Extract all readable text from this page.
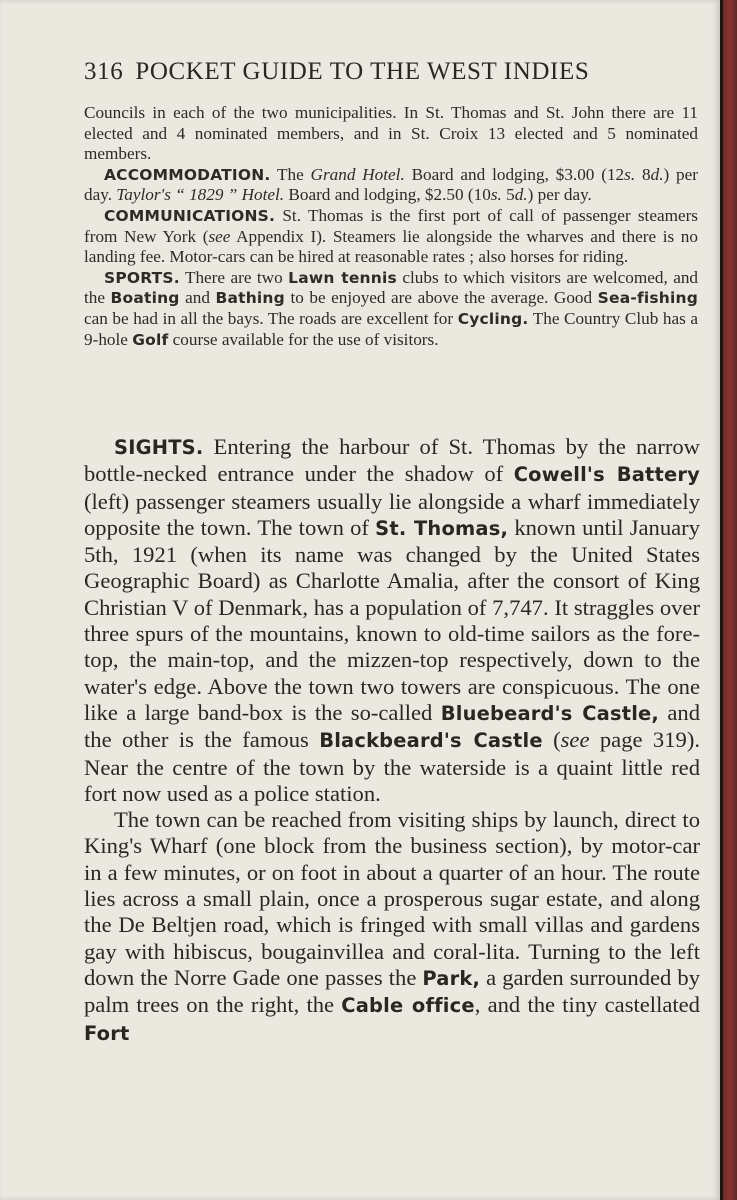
316 POCKET GUIDE TO THE WEST INDIES

Councils in each of the two municipalities. In St. Thomas and St. John there are 11 elected and 4 nominated members, and in St. Croix 13 elected and 5 nominated members.

ACCOMMODATION. The Grand Hotel. Board and lodging, $3.00 (12s. 8d.) per day. Taylor's “ 1829 ” Hotel. Board and lodging, $2.50 (10s. 5d.) per day.

COMMUNICATIONS. St. Thomas is the first port of call of passenger steamers from New York (see Appendix I). Steamers lie alongside the wharves and there is no landing fee. Motor-cars can be hired at reasonable rates ; also horses for riding.

SPORTS. There are two Lawn tennis clubs to which visitors are welcomed, and the Boating and Bathing to be enjoyed are above the average. Good Sea-fishing can be had in all the bays. The roads are excellent for Cycling. The Country Club has a 9-hole Golf course available for the use of visitors.

SIGHTS. Entering the harbour of St. Thomas by the narrow bottle-necked entrance under the shadow of Cowell's Battery (left) passenger steamers usually lie alongside a wharf immediately opposite the town. The town of St. Thomas, known until January 5th, 1921 (when its name was changed by the United States Geographic Board) as Charlotte Amalia, after the consort of King Christian V of Denmark, has a population of 7,747. It straggles over three spurs of the mountains, known to old-time sailors as the fore-top, the main-top, and the mizzen-top respectively, down to the water's edge. Above the town two towers are conspicuous. The one like a large band-box is the so-called Bluebeard's Castle, and the other is the famous Blackbeard's Castle (see page 319). Near the centre of the town by the waterside is a quaint little red fort now used as a police station.

The town can be reached from visiting ships by launch, direct to King's Wharf (one block from the business section), by motor-car in a few minutes, or on foot in about a quarter of an hour. The route lies across a small plain, once a prosperous sugar estate, and along the De Beltjen road, which is fringed with small villas and gardens gay with hibiscus, bougainvillea and coral-lita. Turning to the left down the Norre Gade one passes the Park, a garden surrounded by palm trees on the right, the Cable office, and the tiny castellated Fort
